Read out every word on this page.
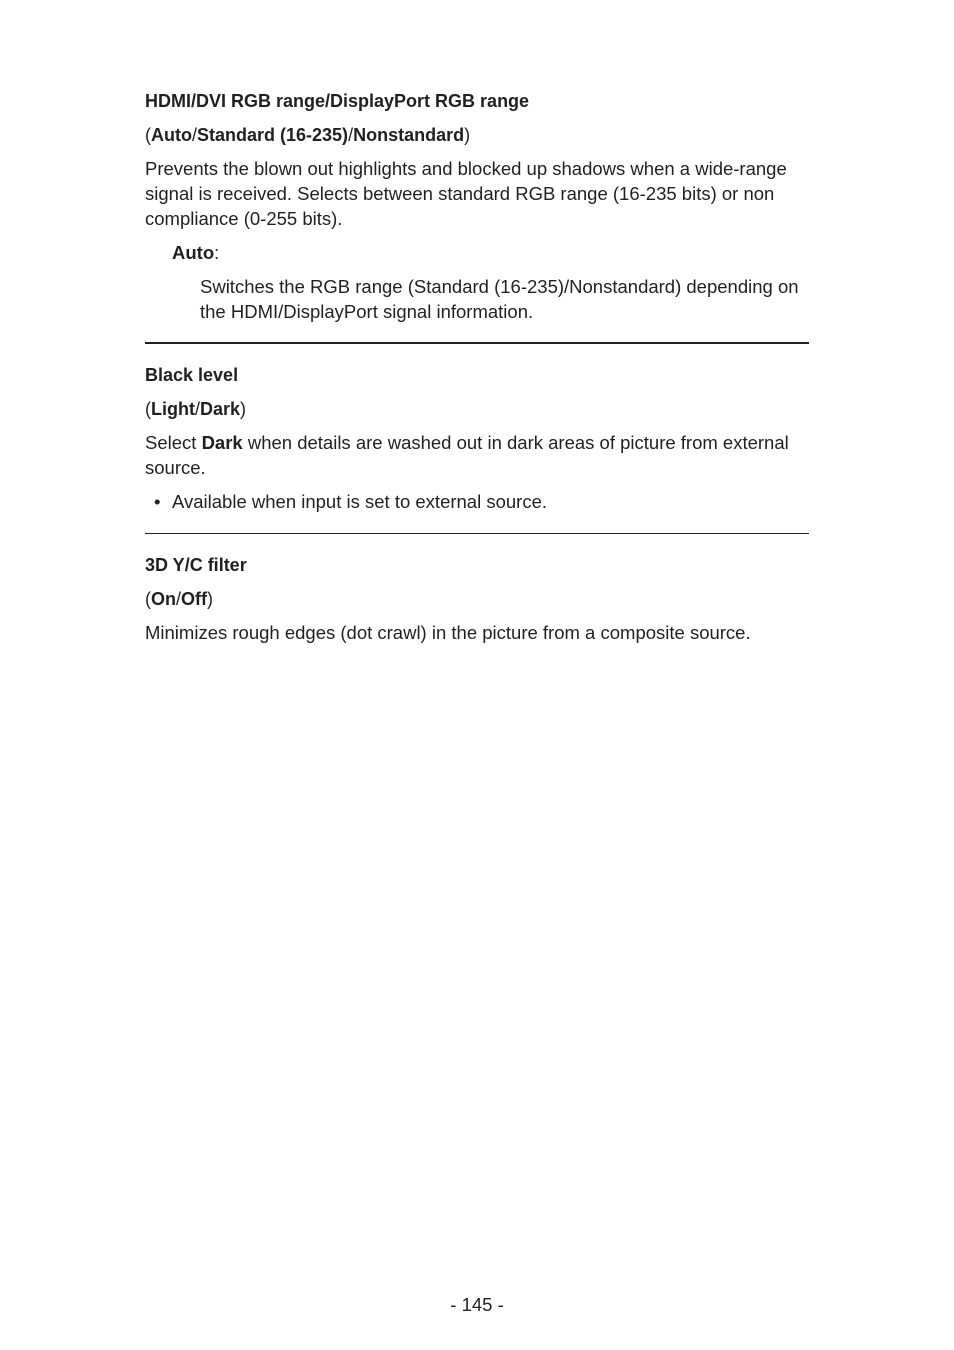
HDMI/DVI RGB range/DisplayPort RGB range
(Auto/Standard (16-235)/Nonstandard)
Prevents the blown out highlights and blocked up shadows when a wide-range signal is received. Selects between standard RGB range (16-235 bits) or non compliance (0-255 bits).
Auto:
Switches the RGB range (Standard (16-235)/Nonstandard) depending on the HDMI/DisplayPort signal information.
Black level
(Light/Dark)
Select Dark when details are washed out in dark areas of picture from external source.
• Available when input is set to external source.
3D Y/C filter
(On/Off)
Minimizes rough edges (dot crawl) in the picture from a composite source.
- 145 -
